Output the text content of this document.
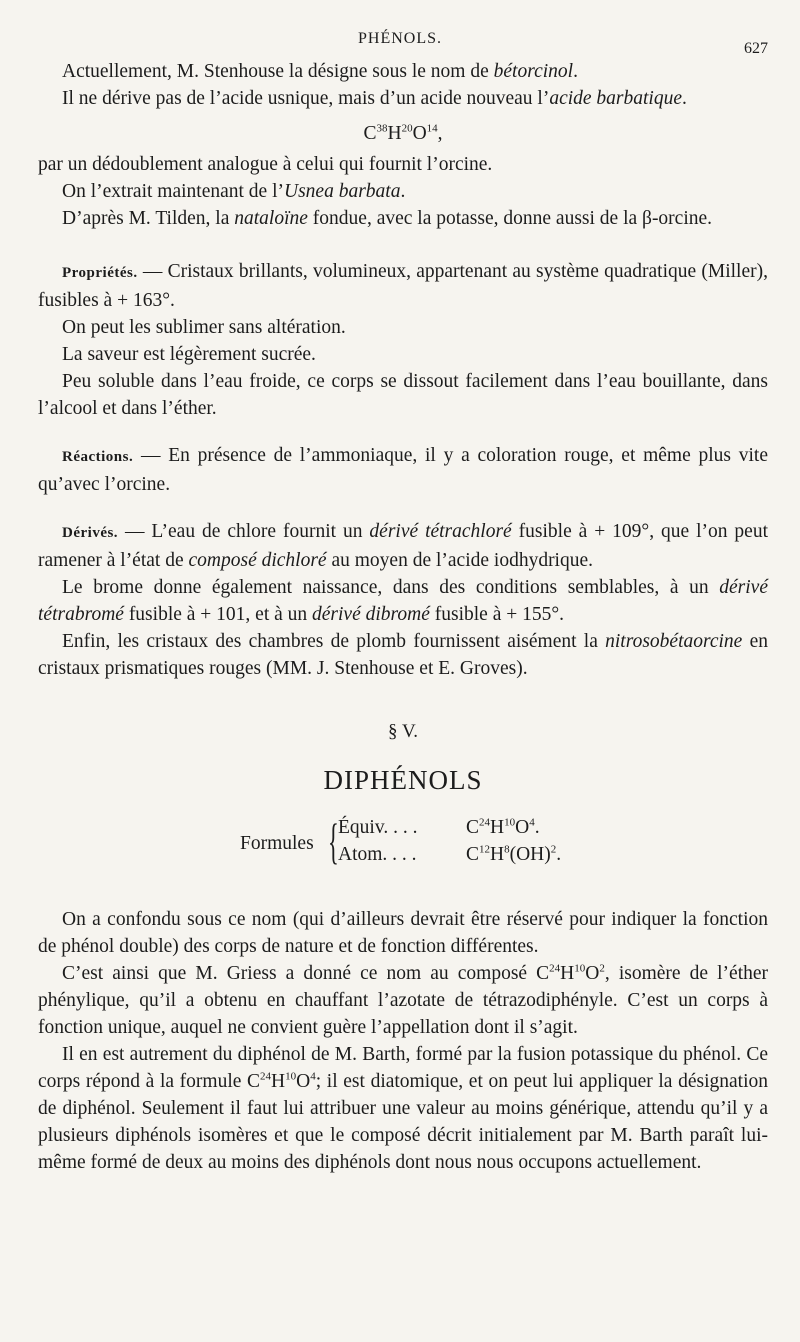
PHÉNOLS.
627

Actuellement, M. Stenhouse la désigne sous le nom de bétorcinol.

Il ne dérive pas de l’acide usnique, mais d’un acide nouveau l’acide barbatique.

$C^{38}H^{20}O^{14}$,

par un dédoublement analogue à celui qui fournit l’orcine.

On l’extrait maintenant de l’Usnea barbata.

D’après M. Tilden, la nataloïne fondue, avec la potasse, donne aussi de la β-orcine.

Propriétés. — Cristaux brillants, volumineux, appartenant au système quadratique (Miller), fusibles à + 163°.

On peut les sublimer sans altération.

La saveur est légèrement sucrée.

Peu soluble dans l’eau froide, ce corps se dissout facilement dans l’eau bouillante, dans l’alcool et dans l’éther.

Réactions. — En présence de l’ammoniaque, il y a coloration rouge, et même plus vite qu’avec l’orcine.

Dérivés. — L’eau de chlore fournit un dérivé tétrachloré fusible à + 109°, que l’on peut ramener à l’état de composé dichloré au moyen de l’acide iodhydrique.

Le brome donne également naissance, dans des conditions semblables, à un dérivé tétrabromé fusible à + 101, et à un dérivé dibromé fusible à + 155°.

Enfin, les cristaux des chambres de plomb fournissent aisément la nitrosobétaorcine en cristaux prismatiques rouges (MM. J. Stenhouse et E. Groves).

§ V.
DIPHÉNOLS
Formules { Équiv. . . . $C^{24}H^{10}O^4$.
Atom. . . .	$C^{12}H^8(OH)^2$.

On a confondu sous ce nom (qui d’ailleurs devrait être réservé pour indiquer la fonction de phénol double) des corps de nature et de fonction différentes.

C’est ainsi que M. Griess a donné ce nom au composé $C^{24}H^{10}O^2$, isomère de l’éther phénylique, qu’il a obtenu en chauffant l’azotate de tétrazodiphényle. C’est un corps à fonction unique, auquel ne convient guère l’appellation dont il s’agit.

Il en est autrement du diphénol de M. Barth, formé par la fusion potassique du phénol. Ce corps répond à la formule $C^{24}H^{10}O^4$; il est diatomique, et on peut lui appliquer la désignation de diphénol. Seulement il faut lui attribuer une valeur au moins générique, attendu qu’il y a plusieurs diphénols isomères et que le composé décrit initialement par M. Barth paraît lui-même formé de deux au moins des diphénols dont nous nous occupons actuellement.
